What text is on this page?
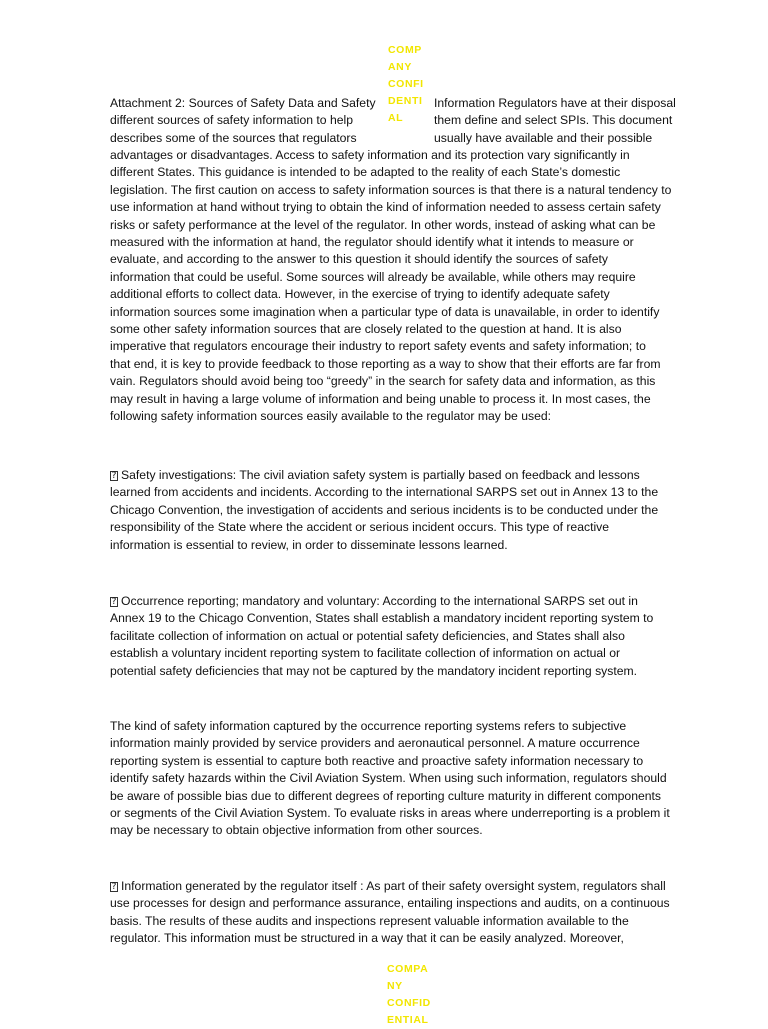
COMP
ANY
CONFI
DENTI
AL
Attachment 2: Sources of Safety Data and Safety
different sources of safety information to help
describes some of the sources that regulators
Information Regulators have at their disposal
them define and select SPIs. This document
usually have available and their possible
advantages or disadvantages. Access to safety information and its protection vary significantly in
different States. This guidance is intended to be adapted to the reality of each State’s domestic
legislation. The first caution on access to safety information sources is that there is a natural tendency to
use information at hand without trying to obtain the kind of information needed to assess certain safety
risks or safety performance at the level of the regulator. In other words, instead of asking what can be
measured with the information at hand, the regulator should identify what it intends to measure or
evaluate, and according to the answer to this question it should identify the sources of safety
information that could be useful. Some sources will already be available, while others may require
additional efforts to collect data. However, in the exercise of trying to identify adequate safety
information sources some imagination when a particular type of data is unavailable, in order to identify
some other safety information sources that are closely related to the question at hand. It is also
imperative that regulators encourage their industry to report safety events and safety information; to
that end, it is key to provide feedback to those reporting as a way to show that their efforts are far from
vain. Regulators should avoid being too “greedy” in the search for safety data and information, as this
may result in having a large volume of information and being unable to process it. In most cases, the
following safety information sources easily available to the regulator may be used:
? Safety investigations: The civil aviation safety system is partially based on feedback and lessons
learned from accidents and incidents. According to the international SARPS set out in Annex 13 to the
Chicago Convention, the investigation of accidents and serious incidents is to be conducted under the
responsibility of the State where the accident or serious incident occurs. This type of reactive
information is essential to review, in order to disseminate lessons learned.
? Occurrence reporting; mandatory and voluntary: According to the international SARPS set out in
Annex 19 to the Chicago Convention, States shall establish a mandatory incident reporting system to
facilitate collection of information on actual or potential safety deficiencies, and States shall also
establish a voluntary incident reporting system to facilitate collection of information on actual or
potential safety deficiencies that may not be captured by the mandatory incident reporting system.
The kind of safety information captured by the occurrence reporting systems refers to subjective
information mainly provided by service providers and aeronautical personnel. A mature occurrence
reporting system is essential to capture both reactive and proactive safety information necessary to
identify safety hazards within the Civil Aviation System. When using such information, regulators should
be aware of possible bias due to different degrees of reporting culture maturity in different components
or segments of the Civil Aviation System. To evaluate risks in areas where underreporting is a problem it
may be necessary to obtain objective information from other sources.
? Information generated by the regulator itself : As part of their safety oversight system, regulators shall
use processes for design and performance assurance, entailing inspections and audits, on a continuous
basis. The results of these audits and inspections represent valuable information available to the
regulator. This information must be structured in a way that it can be easily analyzed. Moreover,
COMPA
NY
CONFID
ENTIAL
